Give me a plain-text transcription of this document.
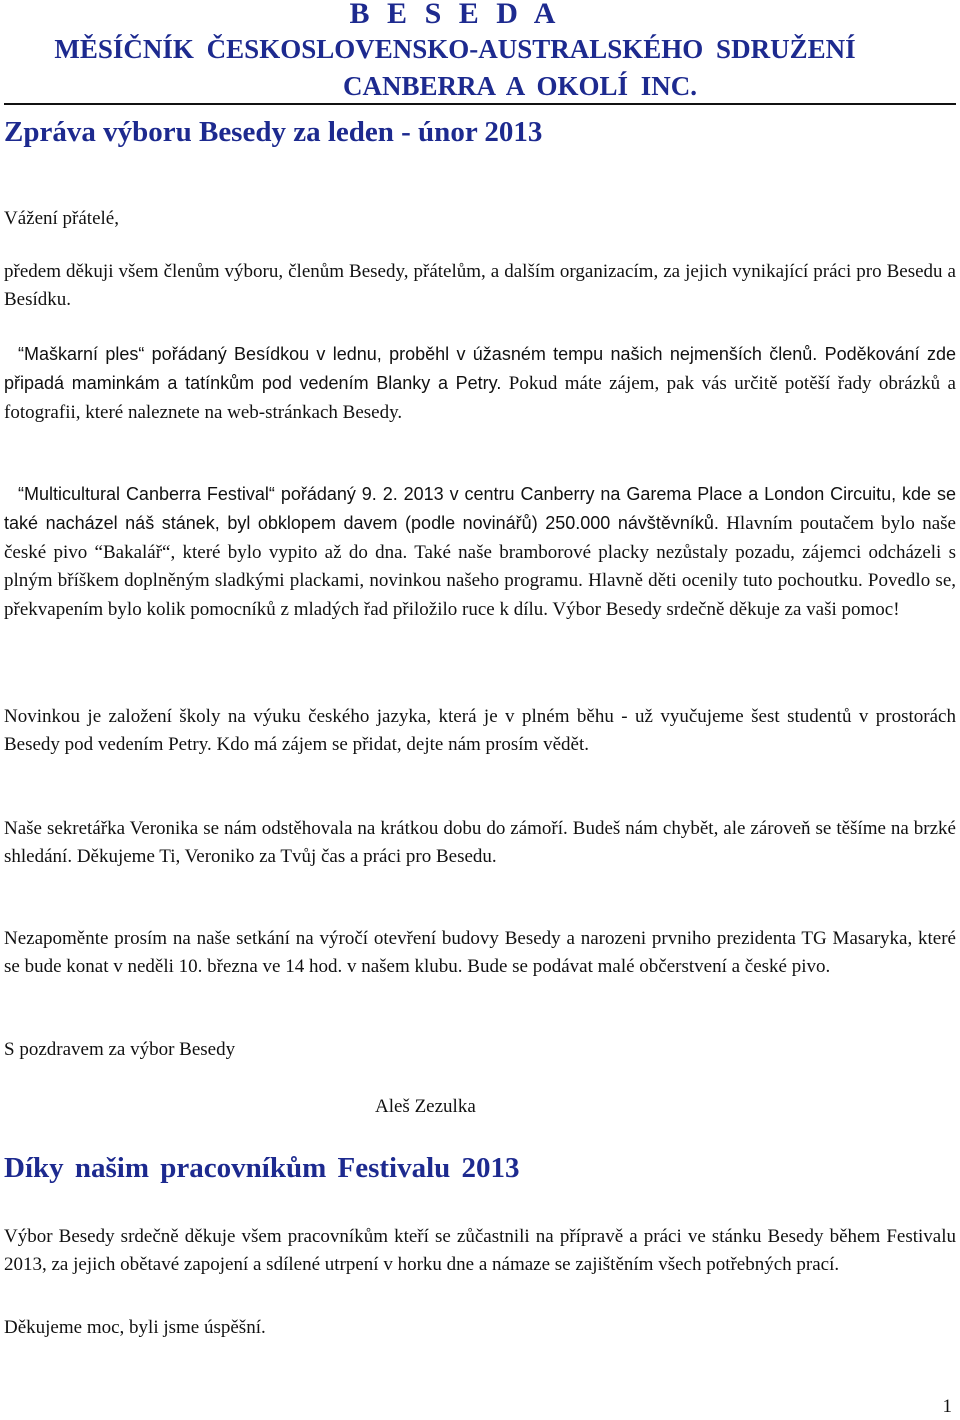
B E S E D A
MĚSÍČNÍK ČESKOSLOVENSKO-AUSTRALSKÉHO SDRUŽENÍ
CANBERRA A OKOLÍ INC.
Zpráva výboru Besedy za leden - únor 2013
Vážení přátelé,
předem děkuji všem členům výboru, členům Besedy, přátelům, a dalším organizacím, za jejich vynikající práci pro Besedu a Besídku.
“Maškarní ples“ pořádaný Besídkou v lednu, proběhl v úžasném tempu našich nejmenších členů. Poděkování zde připadá maminkám a tatínkům pod vedením Blanky a Petry. Pokud máte zájem, pak vás určitě potěší řady obrázků a fotografii, které naleznete na web-stránkach Besedy.
“Multicultural Canberra Festival“ pořádaný 9. 2. 2013 v centru Canberry na Garema Place a London Circuitu, kde se také nacházel náš stánek, byl obklopem davem (podle novinářů) 250.000 návštěvníků. Hlavním poutačem bylo naše české pivo “Bakalář“, které bylo vypito až do dna. Také naše bramborové placky nezůstaly pozadu, zájemci odcházeli s plným bříškem doplněným sladkými plackami, novinkou našeho programu. Hlavně děti ocenily tuto pochoutku. Povedlo se, překvapením bylo kolik pomocníků z mladých řad přiložilo ruce k dílu. Výbor Besedy srdečně děkuje za vaši pomoc!
Novinkou je založení školy na výuku českého jazyka, která je v plném běhu - už vyučujeme šest studentů v prostorách Besedy pod vedením Petry. Kdo má zájem se přidat, dejte nám prosím vědět.
Naše sekretářka Veronika se nám odstěhovala na krátkou dobu do zámoří. Budeš nám chybět, ale zároveň se těšíme na brzké shledání. Děkujeme Ti, Veroniko za Tvůj čas a práci pro Besedu.
Nezapoměnte prosím na naše setkání na výročí otevření budovy Besedy a narozeni prvniho prezidenta TG Masaryka, které se bude konat v neděli 10. března ve 14 hod. v našem klubu. Bude se podávat malé občerstvení a české pivo.
S pozdravem za výbor Besedy
Aleš Zezulka
Díky našim pracovníkům Festivalu 2013
Výbor Besedy srdečně děkuje všem pracovníkům kteří se zůčastnili na přípravě a práci ve stánku Besedy během Festivalu 2013, za jejich obětavé zapojení a sdílené utrpení v horku dne a námaze se zajištěním všech potřebných prací.
Děkujeme moc, byli jsme úspěšní.
1
